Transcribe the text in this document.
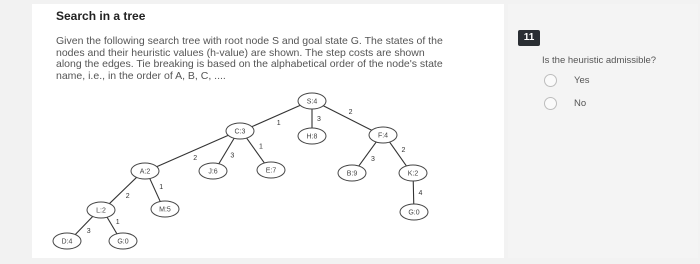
Search in a tree
Given the following search tree with root node S and goal state G. The states of the
nodes and their heuristic values (h-value) are shown. The step costs are shown
along the edges. Tie breaking is based on the alphabetical order of the node's state
name, i.e., in the order of A, B, C, ....
1
3
2
2	3
1
3
2
2
1
4
3
1
S:4
C:3
H:8	F:4
A:2	J:6	E:7	B:9	K:2
L:2	M:5	G:0
D:4	G:0
11
Is the heuristic admissible?
Yes
No
